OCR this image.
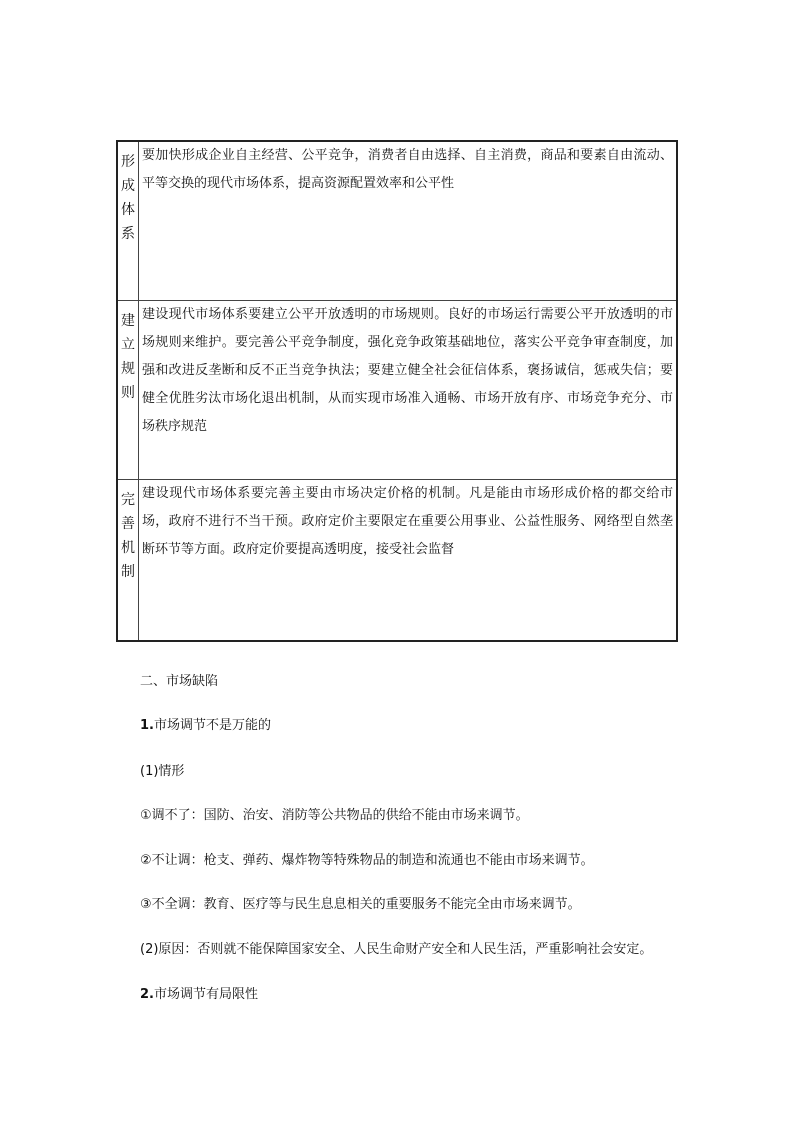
形
成
体
系	要加快形成企业自主经营、公平竞争，消费者自由选择、自主消费，商品和要素自由流动、平等交换的现代市场体系，提高资源配置效率和公平性

建
立
规
则	建设现代市场体系要建立公平开放透明的市场规则。良好的市场运行需要公平开放透明的市场规则来维护。要完善公平竞争制度，强化竞争政策基础地位，落实公平竞争审查制度，加强和改进反垄断和反不正当竞争执法；要建立健全社会征信体系，褒扬诚信，惩戒失信；要健全优胜劣汰市场化退出机制，从而实现市场准入通畅、市场开放有序、市场竞争充分、市场秩序规范

完
善
机
制	建设现代市场体系要完善主要由市场决定价格的机制。凡是能由市场形成价格的都交给市场，政府不进行不当干预。政府定价主要限定在重要公用事业、公益性服务、网络型自然垄断环节等方面。政府定价要提高透明度，接受社会监督
二、市场缺陷
1.市场调节不是万能的
(1)情形
①调不了：国防、治安、消防等公共物品的供给不能由市场来调节。
②不让调：枪支、弹药、爆炸物等特殊物品的制造和流通也不能由市场来调节。
③不全调：教育、医疗等与民生息息相关的重要服务不能完全由市场来调节。
(2)原因：否则就不能保障国家安全、人民生命财产安全和人民生活，严重影响社会安定。
2.市场调节有局限性
